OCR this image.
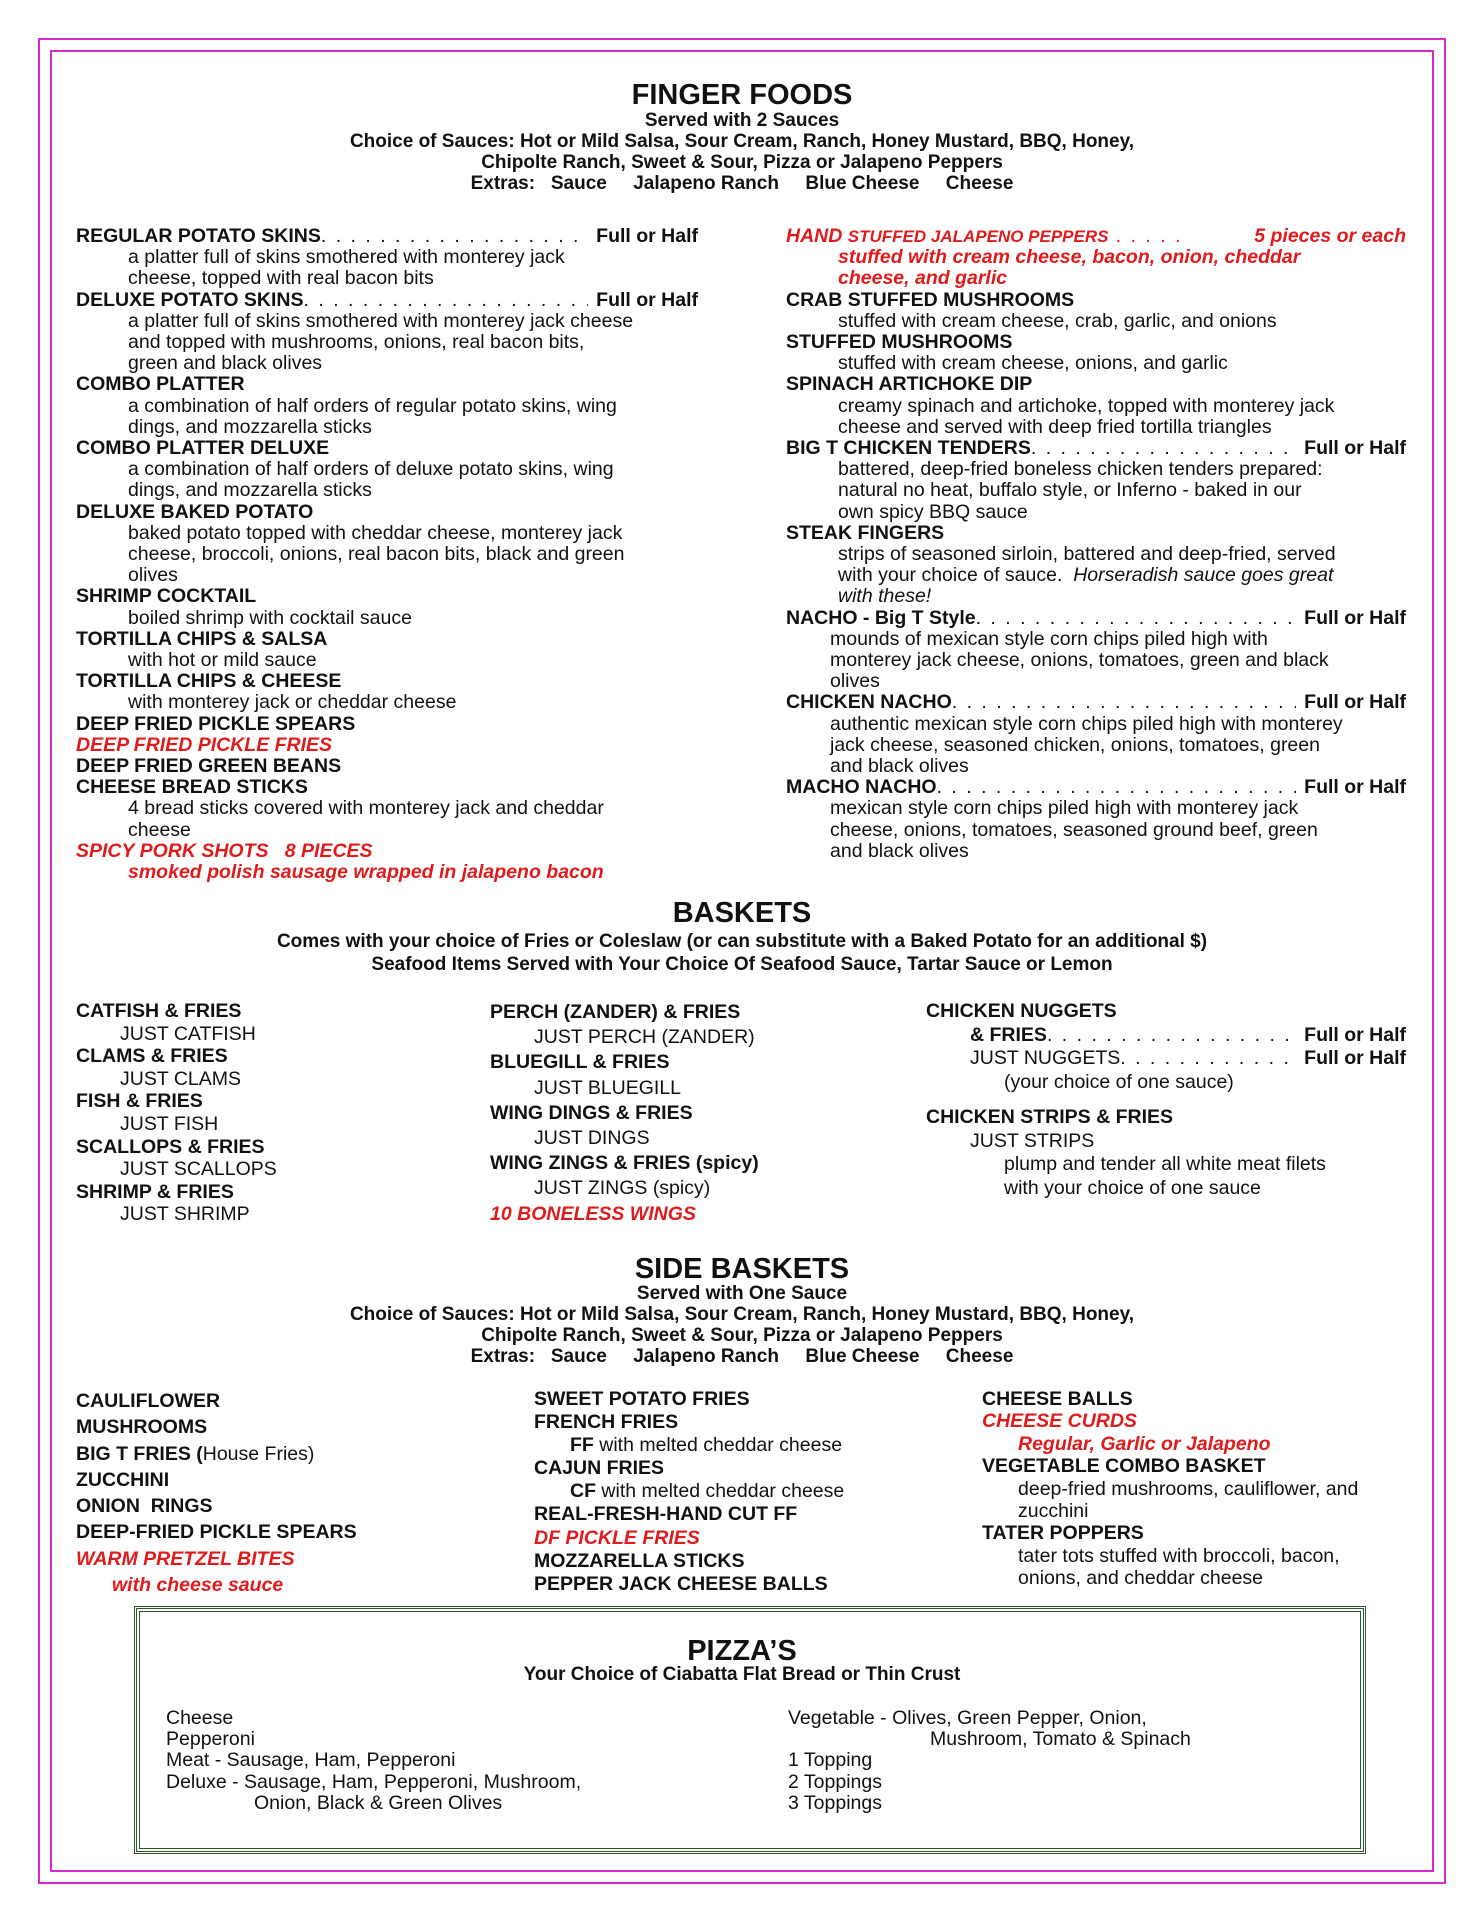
FINGER FOODS
Served with 2 Sauces
Choice of Sauces: Hot or Mild Salsa, Sour Cream, Ranch, Honey Mustard, BBQ, Honey,
Chipolte Ranch, Sweet & Sour, Pizza or Jalapeno Peppers
Extras:   Sauce     Jalapeno Ranch     Blue Cheese     Cheese
REGULAR POTATO SKINS . . .	Full or Half
a platter full of skins smothered with monterey jack
cheese, topped with real bacon bits
DELUXE POTATO SKINS . . .	Full or Half
a platter full of skins smothered with monterey jack cheese
and topped with mushrooms, onions, real bacon bits,
green and black olives
COMBO PLATTER
a combination of half orders of regular potato skins, wing
dings, and mozzarella sticks
COMBO PLATTER DELUXE
a combination of half orders of deluxe potato skins, wing
dings, and mozzarella sticks
DELUXE BAKED POTATO
baked potato topped with cheddar cheese, monterey jack
cheese, broccoli, onions, real bacon bits, black and green
olives
SHRIMP COCKTAIL
boiled shrimp with cocktail sauce
TORTILLA CHIPS & SALSA
with hot or mild sauce
TORTILLA CHIPS & CHEESE
with monterey jack or cheddar cheese
DEEP FRIED PICKLE SPEARS
DEEP FRIED PICKLE FRIES
DEEP FRIED GREEN BEANS
CHEESE BREAD STICKS
4 bread sticks covered with monterey jack and cheddar
cheese
SPICY PORK SHOTS   8 PIECES
smoked polish sausage wrapped in jalapeno bacon
HAND
STUFFED JALAPENO PEPPERS . . . . .	5 pieces or each
stuffed with cream cheese, bacon, onion, cheddar
cheese, and garlic
CRAB STUFFED MUSHROOMS
stuffed with cream cheese, crab, garlic, and onions
STUFFED MUSHROOMS
stuffed with cream cheese, onions, and garlic
SPINACH ARTICHOKE DIP
creamy spinach and artichoke, topped with monterey jack
cheese and served with deep fried tortilla triangles
BIG T CHICKEN TENDERS . . .	Full or Half
battered, deep-fried boneless chicken tenders prepared:
natural no heat, buffalo style, or Inferno - baked in our
own spicy BBQ sauce
STEAK FINGERS
strips of seasoned sirloin, battered and deep-fried, served
with your choice of sauce. Horseradish sauce goes great
with these!
NACHO - Big T Style . . .	Full or Half
mounds of mexican style corn chips piled high with
monterey jack cheese, onions, tomatoes, green and black
olives
CHICKEN NACHO . . .	Full or Half
authentic mexican style corn chips piled high with monterey
jack cheese, seasoned chicken, onions, tomatoes, green
and black olives
MACHO NACHO . . .	Full or Half
mexican style corn chips piled high with monterey jack
cheese, onions, tomatoes, seasoned ground beef, green
and black olives
BASKETS
Comes with your choice of Fries or Coleslaw (or can substitute with a Baked Potato for an additional $)
Seafood Items Served with Your Choice Of Seafood Sauce, Tartar Sauce or Lemon
CATFISH & FRIES
JUST CATFISH
CLAMS & FRIES
JUST CLAMS
FISH & FRIES
JUST FISH
SCALLOPS & FRIES
JUST SCALLOPS
SHRIMP & FRIES
JUST SHRIMP
PERCH (ZANDER) & FRIES
JUST PERCH (ZANDER)
BLUEGILL & FRIES
JUST BLUEGILL
WING DINGS & FRIES
JUST DINGS
WING ZINGS & FRIES (spicy)
JUST ZINGS (spicy)
10 BONELESS WINGS
CHICKEN NUGGETS
& FRIES . . .	Full or Half
JUST NUGGETS . . .	Full or Half
(your choice of one sauce)
CHICKEN STRIPS & FRIES
JUST STRIPS
plump and tender all white meat filets
with your choice of one sauce
SIDE BASKETS
Served with One Sauce
Choice of Sauces: Hot or Mild Salsa, Sour Cream, Ranch, Honey Mustard, BBQ, Honey,
Chipolte Ranch, Sweet & Sour, Pizza or Jalapeno Peppers
Extras:   Sauce     Jalapeno Ranch     Blue Cheese     Cheese
CAULIFLOWER
MUSHROOMS
BIG T FRIES (House Fries)
ZUCCHINI
ONION  RINGS
DEEP-FRIED PICKLE SPEARS
WARM PRETZEL BITES
with cheese sauce
SWEET POTATO FRIES
FRENCH FRIES
FF with melted cheddar cheese
CAJUN FRIES
CF with melted cheddar cheese
REAL-FRESH-HAND CUT FF
DF PICKLE FRIES
MOZZARELLA STICKS
PEPPER JACK CHEESE BALLS
CHEESE BALLS
CHEESE CURDS
Regular, Garlic or Jalapeno
VEGETABLE COMBO BASKET
deep-fried mushrooms, cauliflower, and
zucchini
TATER POPPERS
tater tots stuffed with broccoli, bacon,
onions, and cheddar cheese
PIZZA’S
Your Choice of Ciabatta Flat Bread or Thin Crust
Cheese
Pepperoni
Meat - Sausage, Ham, Pepperoni
Deluxe - Sausage, Ham, Pepperoni, Mushroom,
Onion, Black & Green Olives
Vegetable - Olives, Green Pepper, Onion,
Mushroom, Tomato & Spinach
1 Topping
2 Toppings
3 Toppings
